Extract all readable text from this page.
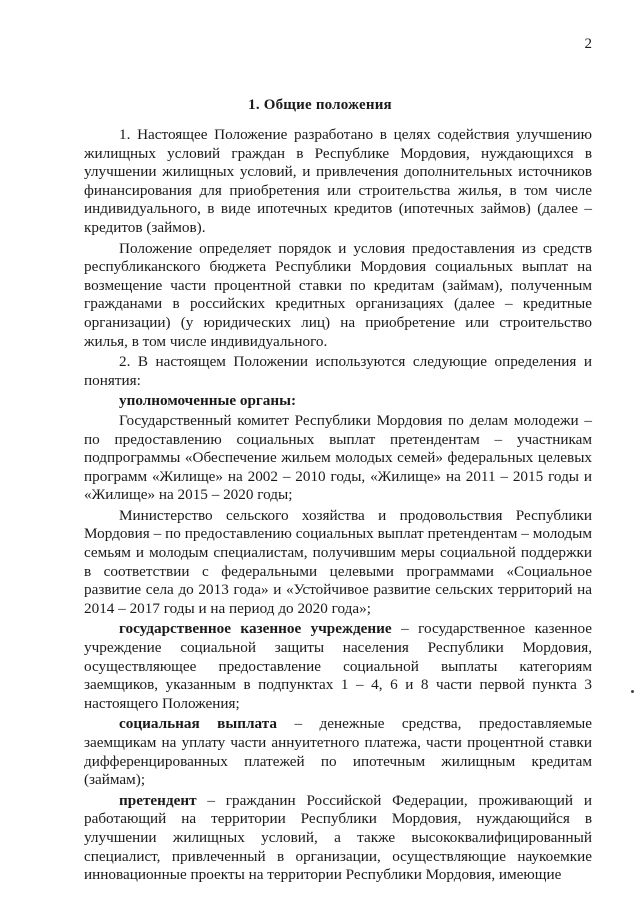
2
1. Общие положения

1. Настоящее Положение разработано в целях содействия улучшению жилищных условий граждан в Республике Мордовия, нуждающихся в улучшении жилищных условий, и привлечения дополнительных источников финансирования для приобретения или строительства жилья, в том числе индивидуального, в виде ипотечных кредитов (ипотечных займов) (далее – кредитов (займов).

Положение определяет порядок и условия предоставления из средств республиканского бюджета Республики Мордовия социальных выплат на возмещение части процентной ставки по кредитам (займам), полученным гражданами в российских кредитных организациях (далее – кредитные организации) (у юридических лиц) на приобретение или строительство жилья, в том числе индивидуального.

2. В настоящем Положении используются следующие определения и понятия:

уполномоченные органы:

Государственный комитет Республики Мордовия по делам молодежи – по предоставлению социальных выплат претендентам – участникам подпрограммы «Обеспечение жильем молодых семей» федеральных целевых программ «Жилище» на 2002 – 2010 годы, «Жилище» на 2011 – 2015 годы и «Жилище» на 2015 – 2020 годы;

Министерство сельского хозяйства и продовольствия Республики Мордовия – по предоставлению социальных выплат претендентам – молодым семьям и молодым специалистам, получившим меры социальной поддержки в соответствии с федеральными целевыми программами «Социальное развитие села до 2013 года» и «Устойчивое развитие сельских территорий на 2014 – 2017 годы и на период до 2020 года»;

государственное казенное учреждение – государственное казенное учреждение социальной защиты населения Республики Мордовия, осуществляющее предоставление социальной выплаты категориям заемщиков, указанным в подпунктах 1 – 4, 6 и 8 части первой пункта 3 настоящего Положения;

социальная выплата – денежные средства, предоставляемые заемщикам на уплату части аннуитетного платежа, части процентной ставки дифференцированных платежей по ипотечным жилищным кредитам (займам);

претендент – гражданин Российской Федерации, проживающий и работающий на территории Республики Мордовия, нуждающийся в улучшении жилищных условий, а также высококвалифицированный специалист, привлеченный в организации, осуществляющие наукоемкие инновационные проекты на территории Республики Мордовия, имеющие
